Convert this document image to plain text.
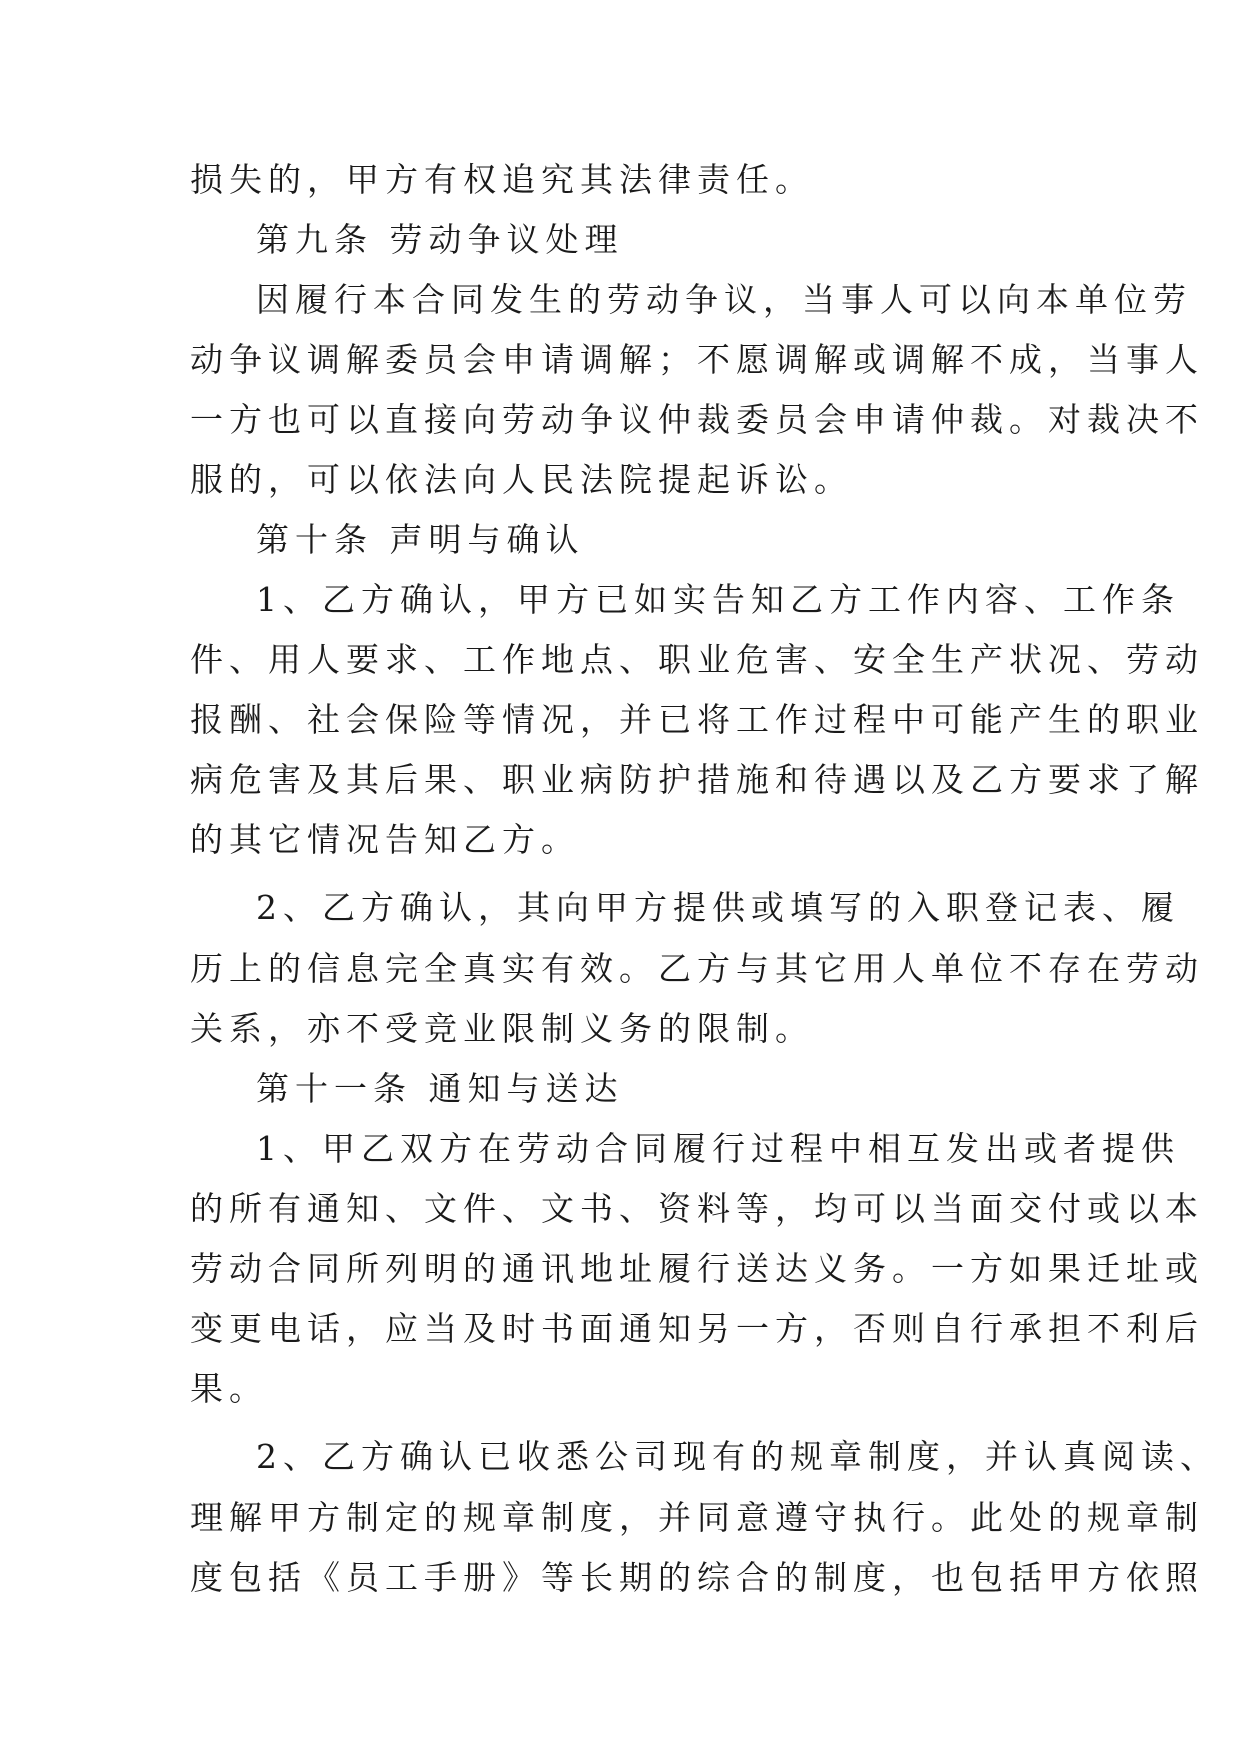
损失的，甲方有权追究其法律责任。
第九条 劳动争议处理
因履行本合同发生的劳动争议，当事人可以向本单位劳
动争议调解委员会申请调解；不愿调解或调解不成，当事人
一方也可以直接向劳动争议仲裁委员会申请仲裁。对裁决不
服的，可以依法向人民法院提起诉讼。
第十条 声明与确认
1、乙方确认，甲方已如实告知乙方工作内容、工作条
件、用人要求、工作地点、职业危害、安全生产状况、劳动
报酬、社会保险等情况，并已将工作过程中可能产生的职业
病危害及其后果、职业病防护措施和待遇以及乙方要求了解
的其它情况告知乙方。
2、乙方确认，其向甲方提供或填写的入职登记表、履
历上的信息完全真实有效。乙方与其它用人单位不存在劳动
关系，亦不受竞业限制义务的限制。
第十一条 通知与送达
1、甲乙双方在劳动合同履行过程中相互发出或者提供
的所有通知、文件、文书、资料等，均可以当面交付或以本
劳动合同所列明的通讯地址履行送达义务。一方如果迁址或
变更电话，应当及时书面通知另一方，否则自行承担不利后
果。
2、乙方确认已收悉公司现有的规章制度，并认真阅读、
理解甲方制定的规章制度，并同意遵守执行。此处的规章制
度包括《员工手册》等长期的综合的制度，也包括甲方依照
